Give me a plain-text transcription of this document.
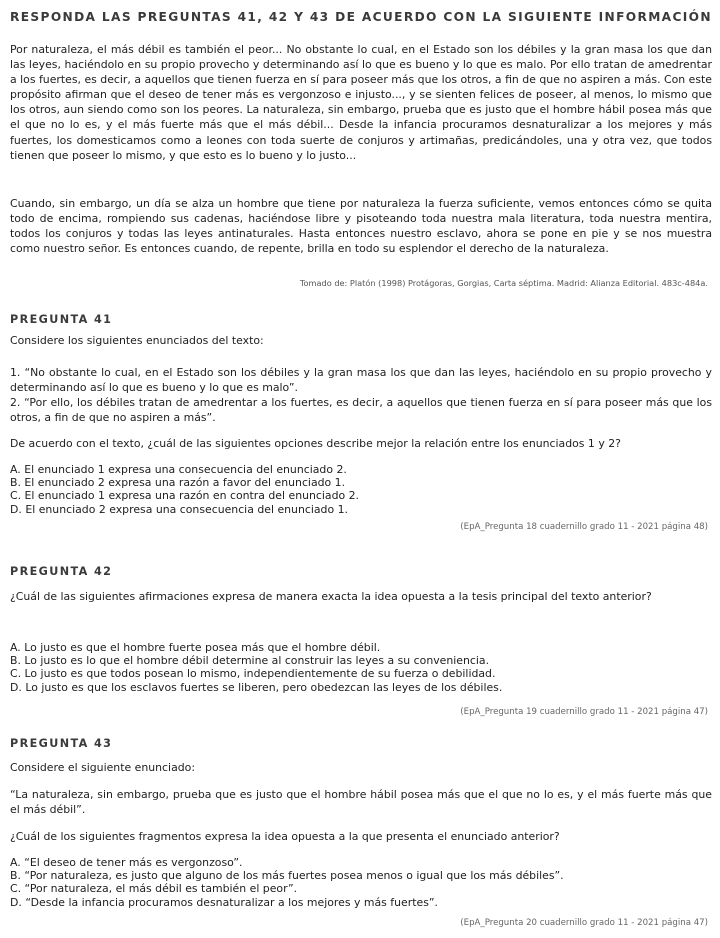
RESPONDA LAS PREGUNTAS 41, 42 Y 43 DE ACUERDO CON LA SIGUIENTE INFORMACIÓN
Por naturaleza, el más débil es también el peor... No obstante lo cual, en el Estado son los débiles y la gran masa los que dan las leyes, haciéndolo en su propio provecho y determinando así lo que es bueno y lo que es malo. Por ello tratan de amedrentar a los fuertes, es decir, a aquellos que tienen fuerza en sí para poseer más que los otros, a fin de que no aspiren a más. Con este propósito afirman que el deseo de tener más es vergonzoso e injusto..., y se sienten felices de poseer, al menos, lo mismo que los otros, aun siendo como son los peores. La naturaleza, sin embargo, prueba que es justo que el hombre hábil posea más que el que no lo es, y el más fuerte más que el más débil... Desde la infancia procuramos desnaturalizar a los mejores y más fuertes, los domesticamos como a leones con toda suerte de conjuros y artimañas, predicándoles, una y otra vez, que todos tienen que poseer lo mismo, y que esto es lo bueno y lo justo...
Cuando, sin embargo, un día se alza un hombre que tiene por naturaleza la fuerza suficiente, vemos entonces cómo se quita todo de encima, rompiendo sus cadenas, haciéndose libre y pisoteando toda nuestra mala literatura, toda nuestra mentira, todos los conjuros y todas las leyes antinaturales. Hasta entonces nuestro esclavo, ahora se pone en pie y se nos muestra como nuestro señor. Es entonces cuando, de repente, brilla en todo su esplendor el derecho de la naturaleza.
Tomado de: Platón (1998) Protágoras, Gorgias, Carta séptima. Madrid: Alianza Editorial. 483c-484a.
PREGUNTA 41
Considere los siguientes enunciados del texto:
1. “No obstante lo cual, en el Estado son los débiles y la gran masa los que dan las leyes, haciéndolo en su propio provecho y determinando así lo que es bueno y lo que es malo”.
2. “Por ello, los débiles tratan de amedrentar a los fuertes, es decir, a aquellos que tienen fuerza en sí para poseer más que los otros, a fin de que no aspiren a más”.
De acuerdo con el texto, ¿cuál de las siguientes opciones describe mejor la relación entre los enunciados 1 y 2?
A. El enunciado 1 expresa una consecuencia del enunciado 2.
B. El enunciado 2 expresa una razón a favor del enunciado 1.
C. El enunciado 1 expresa una razón en contra del enunciado 2.
D. El enunciado 2 expresa una consecuencia del enunciado 1.
(EpA_Pregunta 18 cuadernillo grado 11 - 2021 página 48)
PREGUNTA 42
¿Cuál de las siguientes afirmaciones expresa de manera exacta la idea opuesta a la tesis principal del texto anterior?
A. Lo justo es que el hombre fuerte posea más que el hombre débil.
B. Lo justo es lo que el hombre débil determine al construir las leyes a su conveniencia.
C. Lo justo es que todos posean lo mismo, independientemente de su fuerza o debilidad.
D. Lo justo es que los esclavos fuertes se liberen, pero obedezcan las leyes de los débiles.
(EpA_Pregunta 19 cuadernillo grado 11 - 2021 página 47)
PREGUNTA 43
Considere el siguiente enunciado:
“La naturaleza, sin embargo, prueba que es justo que el hombre hábil posea más que el que no lo es, y el más fuerte más que el más débil”.
¿Cuál de los siguientes fragmentos expresa la idea opuesta a la que presenta el enunciado anterior?
A. “El deseo de tener más es vergonzoso”.
B. “Por naturaleza, es justo que alguno de los más fuertes posea menos o igual que los más débiles”.
C. “Por naturaleza, el más débil es también el peor”.
D. “Desde la infancia procuramos desnaturalizar a los mejores y más fuertes”.
(EpA_Pregunta 20 cuadernillo grado 11 - 2021 página 47)
